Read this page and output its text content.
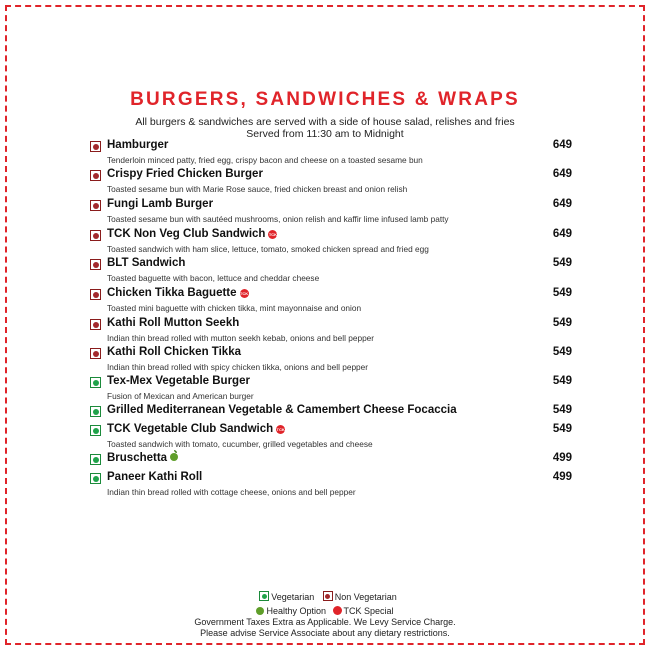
BURGERS, SANDWICHES & WRAPS
All burgers & sandwiches are served with a side of house salad, relishes and fries
Served from 11:30 am to Midnight
Hamburger	649
Tenderloin minced patty, fried egg, crispy bacon and cheese on a toasted sesame bun
Crispy Fried Chicken Burger	649
Toasted sesame bun with Marie Rose sauce, fried chicken breast and onion relish
Fungi Lamb Burger	649
Toasted sesame bun with sautéed mushrooms, onion relish and kaffir lime infused lamb patty
TCK Non Veg Club Sandwich TCK	649
Toasted sandwich with ham slice, lettuce, tomato, smoked chicken spread and fried egg
BLT Sandwich	549
Toasted baguette with bacon, lettuce and cheddar cheese
Chicken Tikka Baguette TCK	549
Toasted mini baguette with chicken tikka, mint mayonnaise and onion
Kathi Roll Mutton Seekh	549
Indian thin bread rolled with mutton seekh kebab, onions and bell pepper
Kathi Roll Chicken Tikka	549
Indian thin bread rolled with spicy chicken tikka, onions and bell pepper
Tex-Mex Vegetable Burger	549
Fusion of Mexican and American burger
Grilled Mediterranean Vegetable & Camembert Cheese Focaccia	549
TCK Vegetable Club Sandwich TCK	549
Toasted sandwich with tomato, cucumber, grilled vegetables and cheese
Bruschetta	499
Paneer Kathi Roll	499
Indian thin bread rolled with cottage cheese, onions and bell pepper
Vegetarian Non Vegetarian
Healthy Option TCK Special
Government Taxes Extra as Applicable. We Levy Service Charge.
Please advise Service Associate about any dietary restrictions.
